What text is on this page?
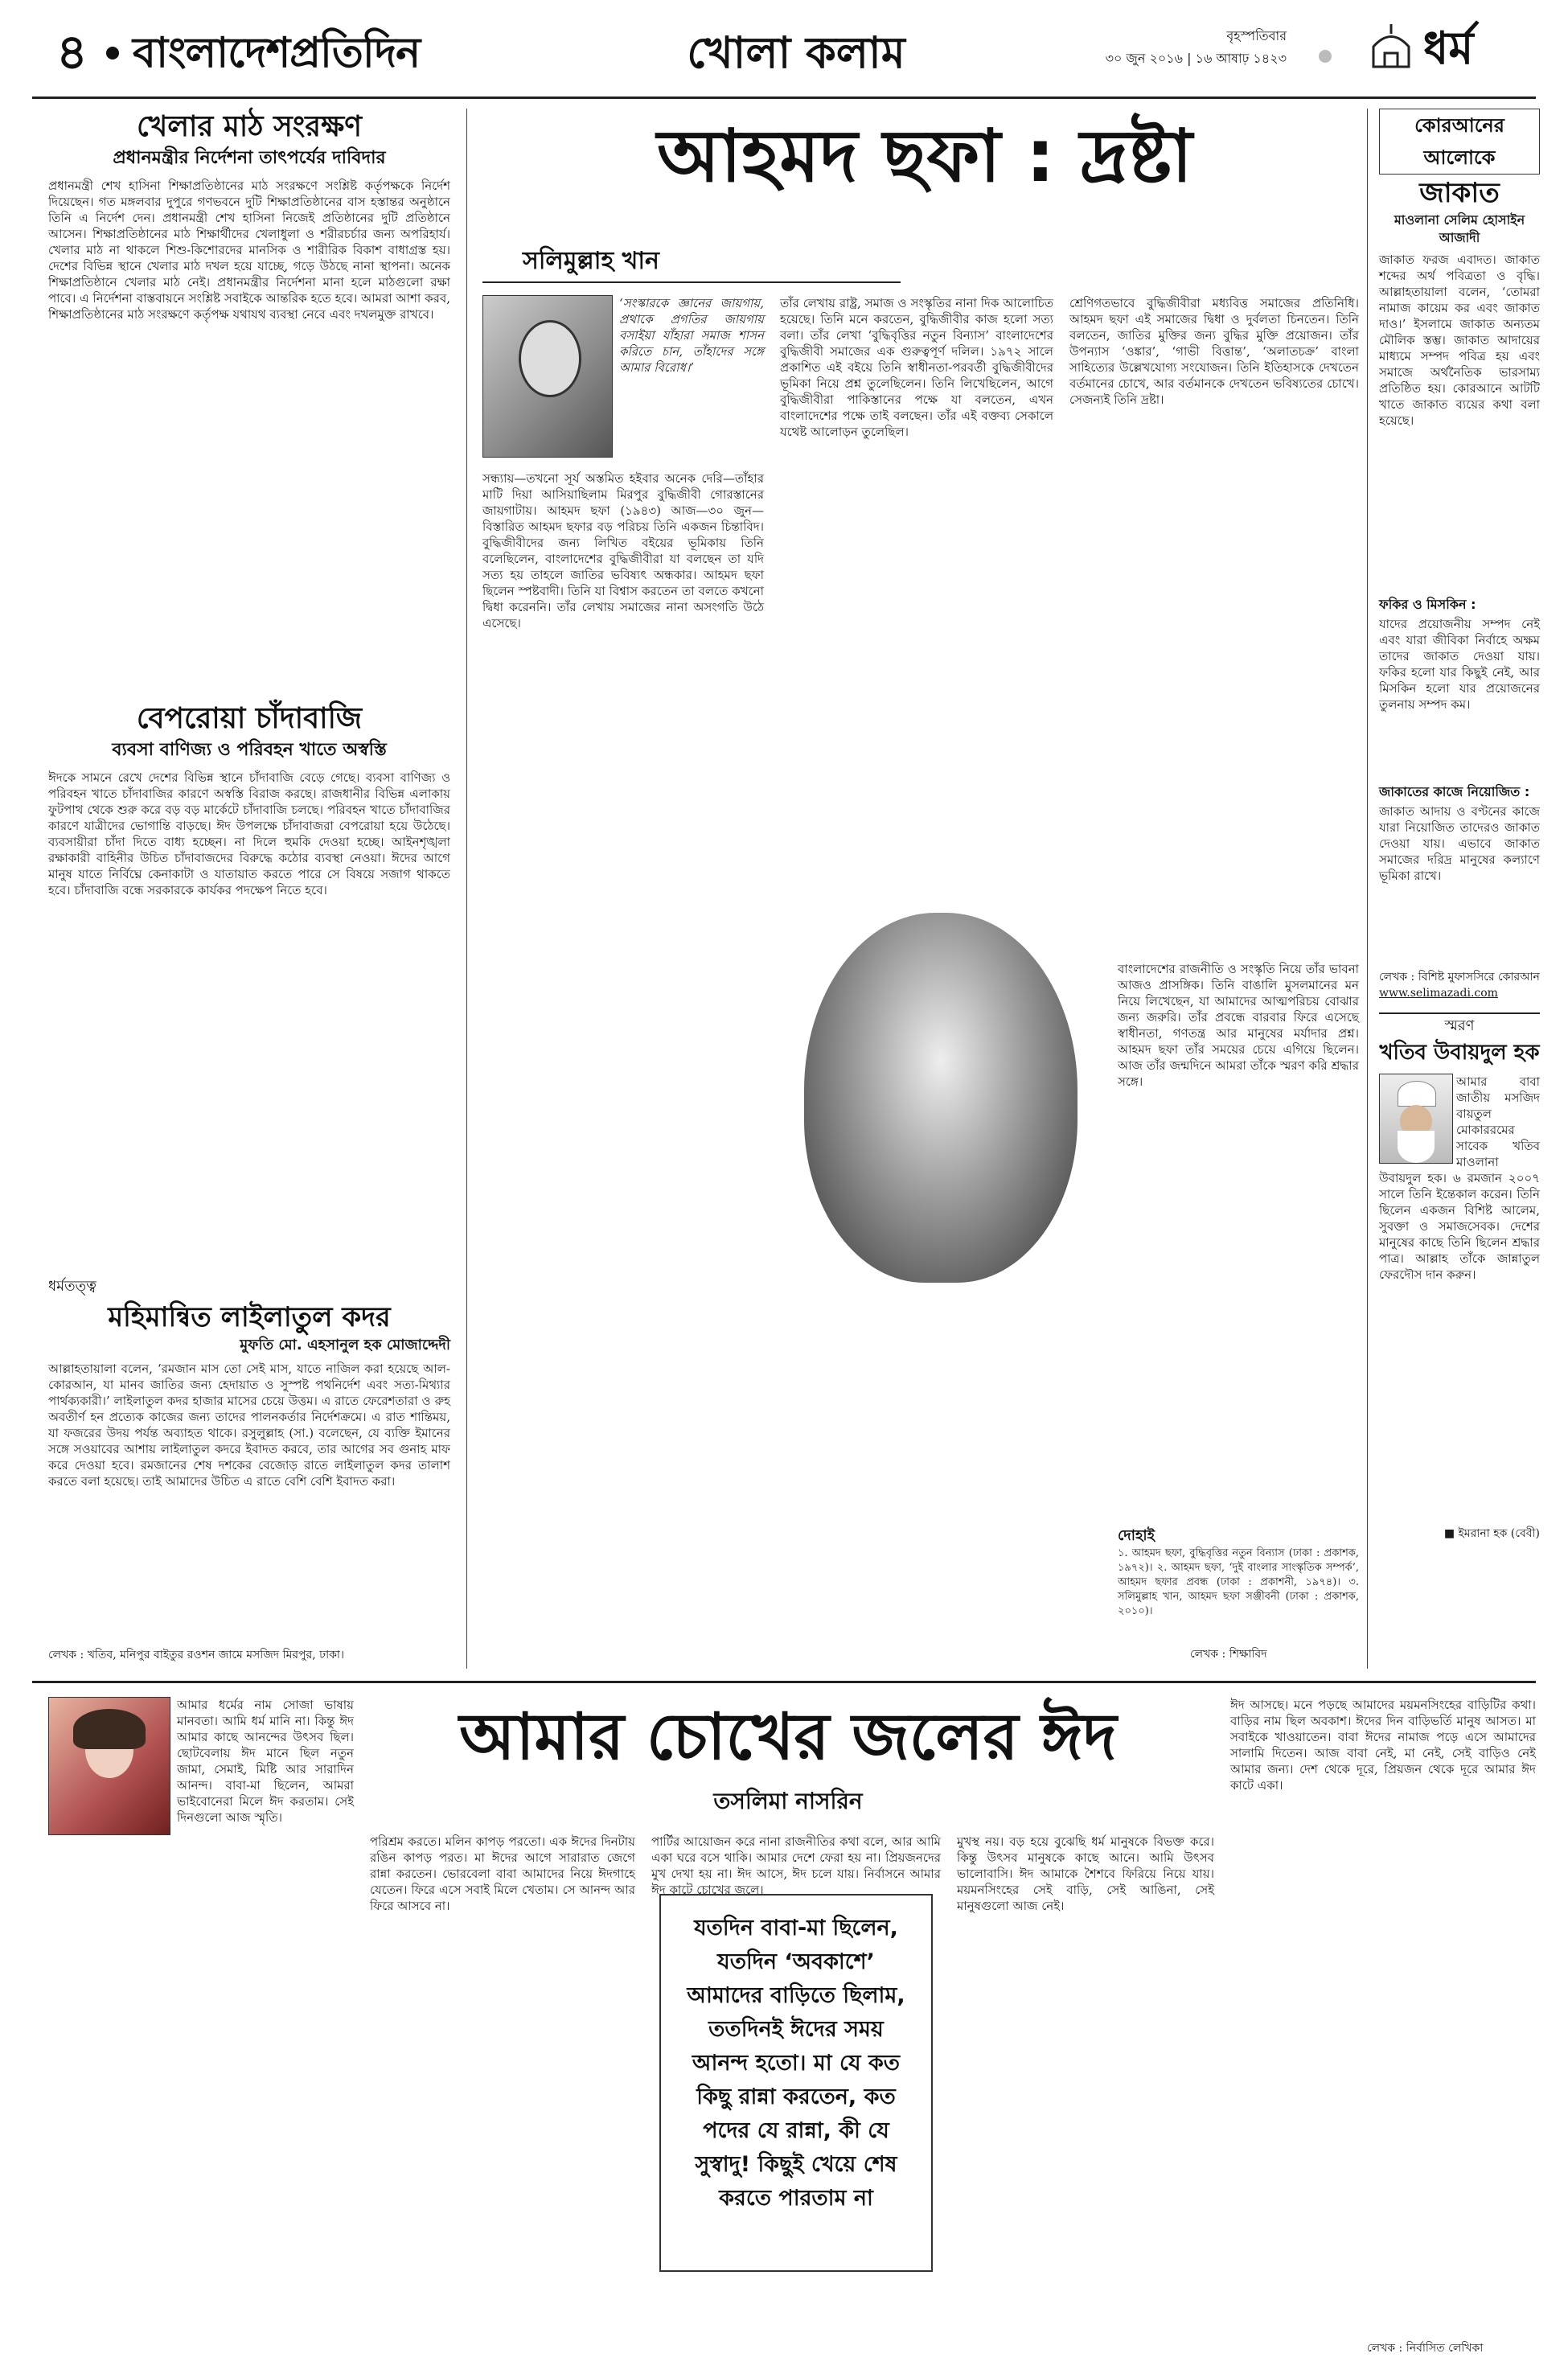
৪ বাংলাদেশপ্রতিদিন	খোলা কলাম	বৃহস্পতিবার
৩০ জুন ২০১৬ | ১৬ আষাঢ় ১৪২৩	ধর্ম
খেলার মাঠ সংরক্ষণ
প্রধানমন্ত্রীর নির্দেশনা তাৎপর্যের দাবিদার
প্রধানমন্ত্রী শেখ হাসিনা শিক্ষাপ্রতিষ্ঠানের মাঠ সংরক্ষণে সংশ্লিষ্ট কর্তৃপক্ষকে নির্দেশ দিয়েছেন। গত মঙ্গলবার দুপুরে গণভবনে দুটি শিক্ষাপ্রতিষ্ঠানের বাস হস্তান্তর অনুষ্ঠানে তিনি এ নির্দেশ দেন। প্রধানমন্ত্রী শেখ হাসিনা নিজেই প্রতিষ্ঠানের দুটি প্রতিষ্ঠানে আসেন। শিক্ষাপ্রতিষ্ঠানের মাঠ শিক্ষার্থীদের খেলাধুলা ও শরীরচর্চার জন্য অপরিহার্য। খেলার মাঠ না থাকলে শিশু-কিশোরদের মানসিক ও শারীরিক বিকাশ বাধাগ্রস্ত হয়। দেশের বিভিন্ন স্থানে খেলার মাঠ দখল হয়ে যাচ্ছে, গড়ে উঠছে নানা স্থাপনা। অনেক শিক্ষাপ্রতিষ্ঠানে খেলার মাঠ নেই। প্রধানমন্ত্রীর নির্দেশনা মানা হলে মাঠগুলো রক্ষা পাবে। এ নির্দেশনা বাস্তবায়নে সংশ্লিষ্ট সবাইকে আন্তরিক হতে হবে। আমরা আশা করব, শিক্ষাপ্রতিষ্ঠানের মাঠ সংরক্ষণে কর্তৃপক্ষ যথাযথ ব্যবস্থা নেবে এবং দখলমুক্ত রাখবে।
বেপরোয়া চাঁদাবাজি
ব্যবসা বাণিজ্য ও পরিবহন খাতে অস্বস্তি
ঈদকে সামনে রেখে দেশের বিভিন্ন স্থানে চাঁদাবাজি বেড়ে গেছে। ব্যবসা বাণিজ্য ও পরিবহন খাতে চাঁদাবাজির কারণে অস্বস্তি বিরাজ করছে। রাজধানীর বিভিন্ন এলাকায় ফুটপাথ থেকে শুরু করে বড় বড় মার্কেটে চাঁদাবাজি চলছে। পরিবহন খাতে চাঁদাবাজির কারণে যাত্রীদের ভোগান্তি বাড়ছে। ঈদ উপলক্ষে চাঁদাবাজরা বেপরোয়া হয়ে উঠেছে। ব্যবসায়ীরা চাঁদা দিতে বাধ্য হচ্ছেন। না দিলে হুমকি দেওয়া হচ্ছে। আইনশৃঙ্খলা রক্ষাকারী বাহিনীর উচিত চাঁদাবাজদের বিরুদ্ধে কঠোর ব্যবস্থা নেওয়া। ঈদের আগে মানুষ যাতে নির্বিঘ্নে কেনাকাটা ও যাতায়াত করতে পারে সে বিষয়ে সজাগ থাকতে হবে। চাঁদাবাজি বন্ধে সরকারকে কার্যকর পদক্ষেপ নিতে হবে।
ধর্মতত্ত্ব
মহিমান্বিত লাইলাতুল কদর
মুফতি মো. এহসানুল হক মোজাদ্দেদী
আল্লাহতায়ালা বলেন, ‘রমজান মাস তো সেই মাস, যাতে নাজিল করা হয়েছে আল-কোরআন, যা মানব জাতির জন্য হেদায়াত ও সুস্পষ্ট পথনির্দেশ এবং সত্য-মিথ্যার পার্থক্যকারী।’ লাইলাতুল কদর হাজার মাসের চেয়ে উত্তম। এ রাতে ফেরেশতারা ও রুহ অবতীর্ণ হন প্রত্যেক কাজের জন্য তাদের পালনকর্তার নির্দেশক্রমে। এ রাত শান্তিময়, যা ফজরের উদয় পর্যন্ত অব্যাহত থাকে। রসুলুল্লাহ (সা.) বলেছেন, যে ব্যক্তি ইমানের সঙ্গে সওয়াবের আশায় লাইলাতুল কদরে ইবাদত করবে, তার আগের সব গুনাহ মাফ করে দেওয়া হবে। রমজানের শেষ দশকের বেজোড় রাতে লাইলাতুল কদর তালাশ করতে বলা হয়েছে। তাই আমাদের উচিত এ রাতে বেশি বেশি ইবাদত করা।
লেখক : খতিব, মনিপুর বাইতুর রওশন জামে মসজিদ মিরপুর, ঢাকা।
আহমদ ছফা : দ্রষ্টা
সলিমুল্লাহ খান
‘সংস্কারকে জ্ঞানের জায়গায়, প্রথাকে প্রগতির জায়গায় বসাইয়া যাঁহারা সমাজ শাসন করিতে চান, তাঁহাদের সঙ্গে আমার বিরোধ।’
সন্ধ্যায়—তখনো সূর্য অস্তমিত হইবার অনেক দেরি—তাঁহার মাটি দিয়া আসিয়াছিলাম মিরপুর বুদ্ধিজীবী গোরস্তানের জায়গাটায়। আহমদ ছফা (১৯৪৩) আজ—৩০ জুন—বিস্তারিত আহমদ ছফার বড় পরিচয় তিনি একজন চিন্তাবিদ। বুদ্ধিজীবীদের জন্য লিখিত বইয়ের ভূমিকায় তিনি বলেছিলেন, বাংলাদেশের বুদ্ধিজীবীরা যা বলছেন তা যদি সত্য হয় তাহলে জাতির ভবিষ্যৎ অন্ধকার। আহমদ ছফা ছিলেন স্পষ্টবাদী। তিনি যা বিশ্বাস করতেন তা বলতে কখনো দ্বিধা করেননি। তাঁর লেখায় সমাজের নানা অসংগতি উঠে এসেছে।
তাঁর লেখায় রাষ্ট্র, সমাজ ও সংস্কৃতির নানা দিক আলোচিত হয়েছে। তিনি মনে করতেন, বুদ্ধিজীবীর কাজ হলো সত্য বলা। তাঁর লেখা ‘বুদ্ধিবৃত্তির নতুন বিন্যাস’ বাংলাদেশের বুদ্ধিজীবী সমাজের এক গুরুত্বপূর্ণ দলিল। ১৯৭২ সালে প্রকাশিত এই বইয়ে তিনি স্বাধীনতা-পরবর্তী বুদ্ধিজীবীদের ভূমিকা নিয়ে প্রশ্ন তুলেছিলেন। তিনি লিখেছিলেন, আগে বুদ্ধিজীবীরা পাকিস্তানের পক্ষে যা বলতেন, এখন বাংলাদেশের পক্ষে তাই বলছেন। তাঁর এই বক্তব্য সেকালে যথেষ্ট আলোড়ন তুলেছিল।
শ্রেণিগতভাবে বুদ্ধিজীবীরা মধ্যবিত্ত সমাজের প্রতিনিধি। আহমদ ছফা এই সমাজের দ্বিধা ও দুর্বলতা চিনতেন। তিনি বলতেন, জাতির মুক্তির জন্য বুদ্ধির মুক্তি প্রয়োজন। তাঁর উপন্যাস ‘ওঙ্কার’, ‘গাভী বিত্তান্ত’, ‘অলাতচক্র’ বাংলা সাহিত্যের উল্লেখযোগ্য সংযোজন। তিনি ইতিহাসকে দেখতেন বর্তমানের চোখে, আর বর্তমানকে দেখতেন ভবিষ্যতের চোখে। সেজন্যই তিনি দ্রষ্টা।
বাংলাদেশের রাজনীতি ও সংস্কৃতি নিয়ে তাঁর ভাবনা আজও প্রাসঙ্গিক। তিনি বাঙালি মুসলমানের মন নিয়ে লিখেছেন, যা আমাদের আত্মপরিচয় বোঝার জন্য জরুরি। তাঁর প্রবন্ধে বারবার ফিরে এসেছে স্বাধীনতা, গণতন্ত্র আর মানুষের মর্যাদার প্রশ্ন। আহমদ ছফা তাঁর সময়ের চেয়ে এগিয়ে ছিলেন। আজ তাঁর জন্মদিনে আমরা তাঁকে স্মরণ করি শ্রদ্ধার সঙ্গে।
দোহাই
১. আহমদ ছফা, বুদ্ধিবৃত্তির নতুন বিন্যাস (ঢাকা : প্রকাশক, ১৯৭২)। ২. আহমদ ছফা, ‘দুই বাংলার সাংস্কৃতিক সম্পর্ক’, আহমদ ছফার প্রবন্ধ (ঢাকা : প্রকাশনী, ১৯৭৪)। ৩. সলিমুল্লাহ খান, আহমদ ছফা সঞ্জীবনী (ঢাকা : প্রকাশক, ২০১০)।
লেখক : শিক্ষাবিদ
কোরআনের আলোকে
জাকাত
মাওলানা সেলিম হোসাইন আজাদী
জাকাত ফরজ এবাদত। জাকাত শব্দের অর্থ পবিত্রতা ও বৃদ্ধি। আল্লাহতায়ালা বলেন, ‘তোমরা নামাজ কায়েম কর এবং জাকাত দাও।’ ইসলামে জাকাত অন্যতম মৌলিক স্তম্ভ। জাকাত আদায়ের মাধ্যমে সম্পদ পবিত্র হয় এবং সমাজে অর্থনৈতিক ভারসাম্য প্রতিষ্ঠিত হয়। কোরআনে আটটি খাতে জাকাত ব্যয়ের কথা বলা হয়েছে।
ফকির ও মিসকিন :
যাদের প্রয়োজনীয় সম্পদ নেই এবং যারা জীবিকা নির্বাহে অক্ষম তাদের জাকাত দেওয়া যায়। ফকির হলো যার কিছুই নেই, আর মিসকিন হলো যার প্রয়োজনের তুলনায় সম্পদ কম।
জাকাতের কাজে নিয়োজিত :
জাকাত আদায় ও বণ্টনের কাজে যারা নিয়োজিত তাদেরও জাকাত দেওয়া যায়। এভাবে জাকাত সমাজের দরিদ্র মানুষের কল্যাণে ভূমিকা রাখে।
লেখক : বিশিষ্ট মুফাসসিরে কোরআন
www.selimazadi.com
স্মরণ
খতিব উবায়দুল হক
আমার বাবা জাতীয় মসজিদ বায়তুল মোকাররমের সাবেক খতিব মাওলানা উবায়দুল হক। ৬ রমজান ২০০৭ সালে তিনি ইন্তেকাল করেন। তিনি ছিলেন একজন বিশিষ্ট আলেম, সুবক্তা ও সমাজসেবক। দেশের মানুষের কাছে তিনি ছিলেন শ্রদ্ধার পাত্র। আল্লাহ তাঁকে জান্নাতুল ফেরদৌস দান করুন।
■ ইমরানা হক (বেবী)
আমার ধর্মের নাম সোজা ভাষায় মানবতা। আমি ধর্ম মানি না। কিন্তু ঈদ আমার কাছে আনন্দের উৎসব ছিল। ছোটবেলায় ঈদ মানে ছিল নতুন জামা, সেমাই, মিষ্টি আর সারাদিন আনন্দ। বাবা-মা ছিলেন, আমরা ভাইবোনেরা মিলে ঈদ করতাম। সেই দিনগুলো আজ স্মৃতি।
আমার চোখের জলের ঈদ
তসলিমা নাসরিন
পরিশ্রম করতে। মলিন কাপড় পরতো। এক ঈদের দিনটায় রঙিন কাপড় পরত। মা ঈদের আগে সারারাত জেগে রান্না করতেন। ভোরবেলা বাবা আমাদের নিয়ে ঈদগাহে যেতেন। ফিরে এসে সবাই মিলে খেতাম। সে আনন্দ আর ফিরে আসবে না।
পার্টির আয়োজন করে নানা রাজনীতির কথা বলে, আর আমি একা ঘরে বসে থাকি। আমার দেশে ফেরা হয় না। প্রিয়জনদের মুখ দেখা হয় না। ঈদ আসে, ঈদ চলে যায়। নির্বাসনে আমার ঈদ কাটে চোখের জলে।
যতদিন বাবা-মা ছিলেন, যতদিন ‘অবকাশে’ আমাদের বাড়িতে ছিলাম, ততদিনই ঈদের সময় আনন্দ হতো। মা যে কত কিছু রান্না করতেন, কত পদের যে রান্না, কী যে সুস্বাদু! কিছুই খেয়ে শেষ করতে পারতাম না
মুখস্থ নয়। বড় হয়ে বুঝেছি ধর্ম মানুষকে বিভক্ত করে। কিন্তু উৎসব মানুষকে কাছে আনে। আমি উৎসব ভালোবাসি। ঈদ আমাকে শৈশবে ফিরিয়ে নিয়ে যায়। ময়মনসিংহের সেই বাড়ি, সেই আঙিনা, সেই মানুষগুলো আজ নেই।
ঈদ আসছে। মনে পড়ছে আমাদের ময়মনসিংহের বাড়িটির কথা। বাড়ির নাম ছিল অবকাশ। ঈদের দিন বাড়িভর্তি মানুষ আসত। মা সবাইকে খাওয়াতেন। বাবা ঈদের নামাজ পড়ে এসে আমাদের সালামি দিতেন। আজ বাবা নেই, মা নেই, সেই বাড়িও নেই আমার জন্য। দেশ থেকে দূরে, প্রিয়জন থেকে দূরে আমার ঈদ কাটে একা।
লেখক : নির্বাসিত লেখিকা
